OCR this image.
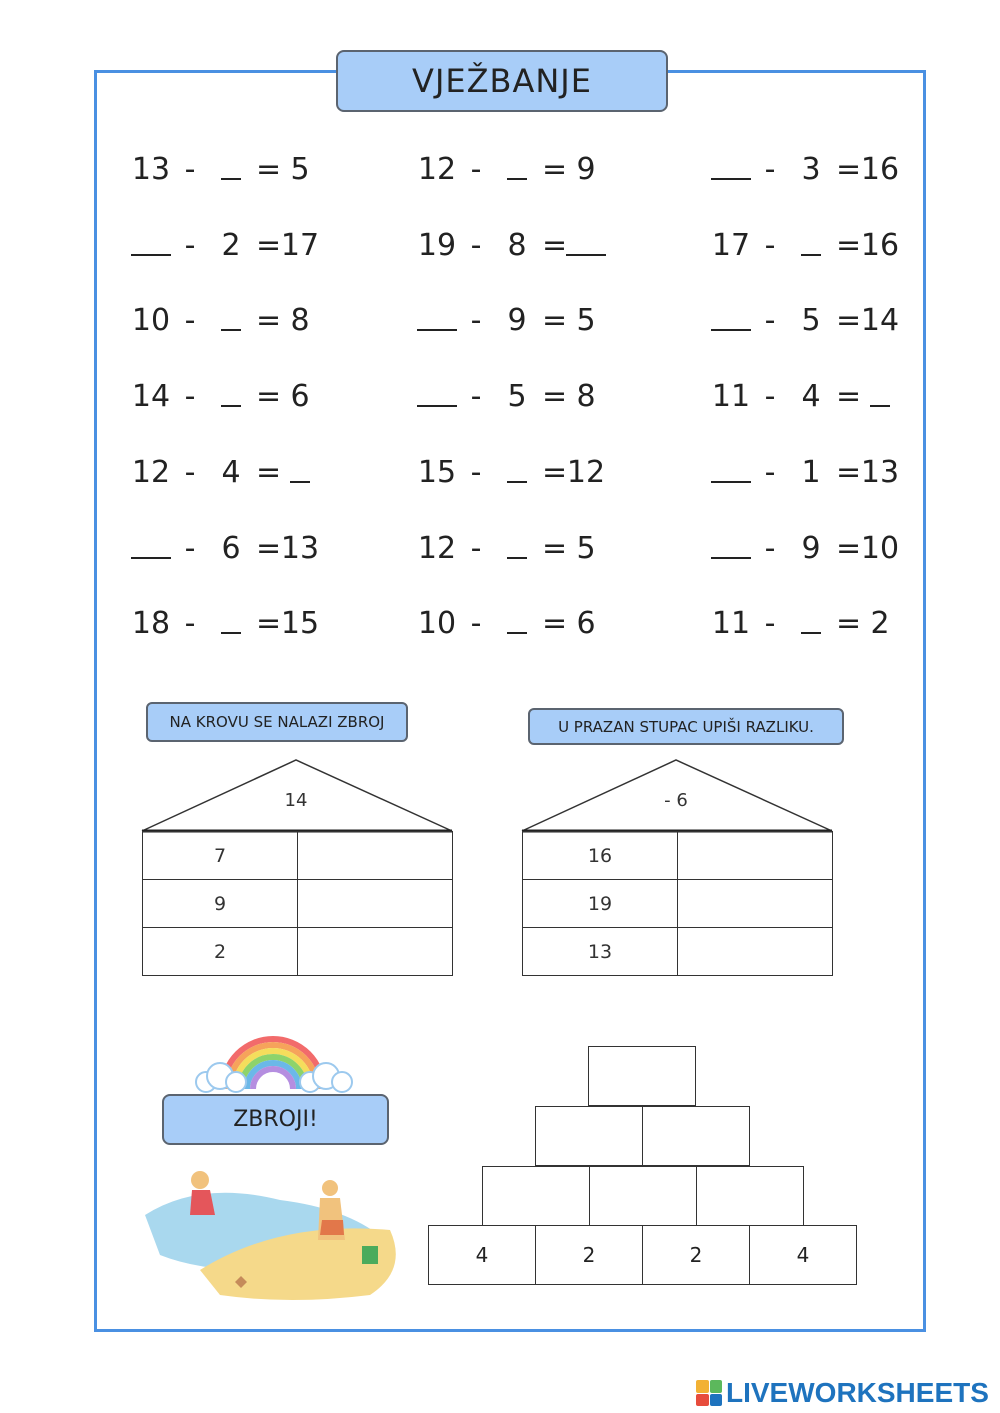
VJEŽBANJE
13 - = 5	12 - = 9	- 3 = 16
- 2 = 17	19 - 8 =	17 - = 16
10 - = 8	- 9 = 5	- 5 = 14
14 - = 6	- 5 = 8	11 - 4 =
12 - 4 =	15 - = 12	- 1 = 13
- 6 = 13	12 - = 5	- 9 = 10
18 - = 15	10 - = 6	11 - = 2
NA KROVU SE NALAZI ZBROJ
14
7	
9	
2	
U PRAZAN STUPAC UPIŠI RAZLIKU.
- 6
16	
19	
13	
ZBROJI!
4	2	2	4
LIVEWORKSHEETS
